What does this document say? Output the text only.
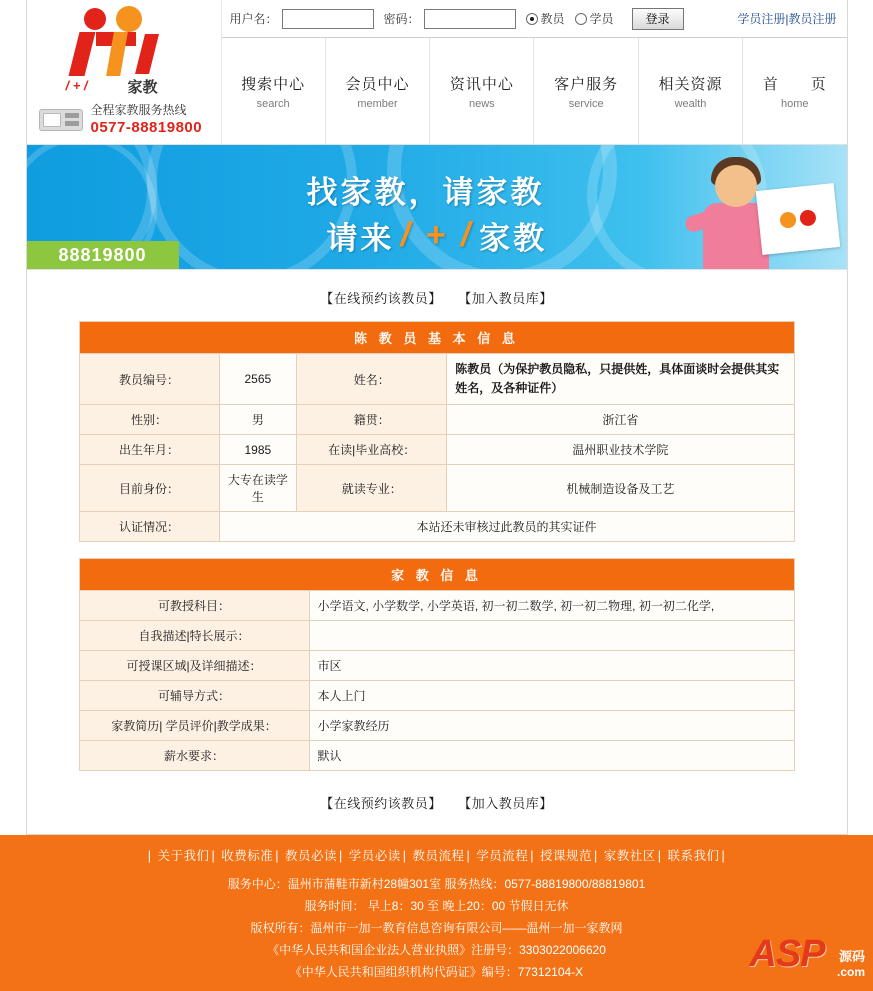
/ + /	家教
全程家教服务热线
0577-88819800
用户名：	密码：	教员	学员	登录	学员注册|教员注册
搜索中心
search
会员中心
member
资讯中心
news
客户服务
service
相关资源
wealth
首　　页
home
找家教，请家教
请来 / + / 家教
88819800
【在线预约该教员】 【加入教员库】
陈 教 员 基 本 信 息			
教员编号：	2565	姓名：	陈教员（为保护教员隐私，只提供姓，具体面谈时会提供其实姓名，及各种证件）
性别：	男	籍贯：	浙江省
出生年月：	1985	在读|毕业高校：	温州职业技术学院
目前身份：	大专在读学生	就读专业：	机械制造设备及工艺
认证情况：	本站还未审核过此教员的其实证件		
家 教 信 息	
可教授科目：	小学语文, 小学数学, 小学英语, 初一初二数学, 初一初二物理, 初一初二化学,
自我描述|特长展示：	
可授课区域|及详细描述：	市区
可辅导方式：	本人上门
家教简历| 学员评价|教学成果：	小学家教经历
薪水要求：	默认
【在线预约该教员】 【加入教员库】
| 关于我们 | 收费标准 | 教员必读 | 学员必读 | 教员流程 | 学员流程 | 授课规范 | 家教社区 | 联系我们 |
服务中心：温州市蒲鞋市新村28幢301室 服务热线：0577-88819800/88819801
服务时间： 早上8：30 至 晚上20：00 节假日无休
版权所有：温州市一加一教育信息咨询有限公司——温州一加一家教网
《中华人民共和国企业法人营业执照》注册号：3303022006620
《中华人民共和国组织机构代码证》编号：77312104-X	ASP	源码
.com
